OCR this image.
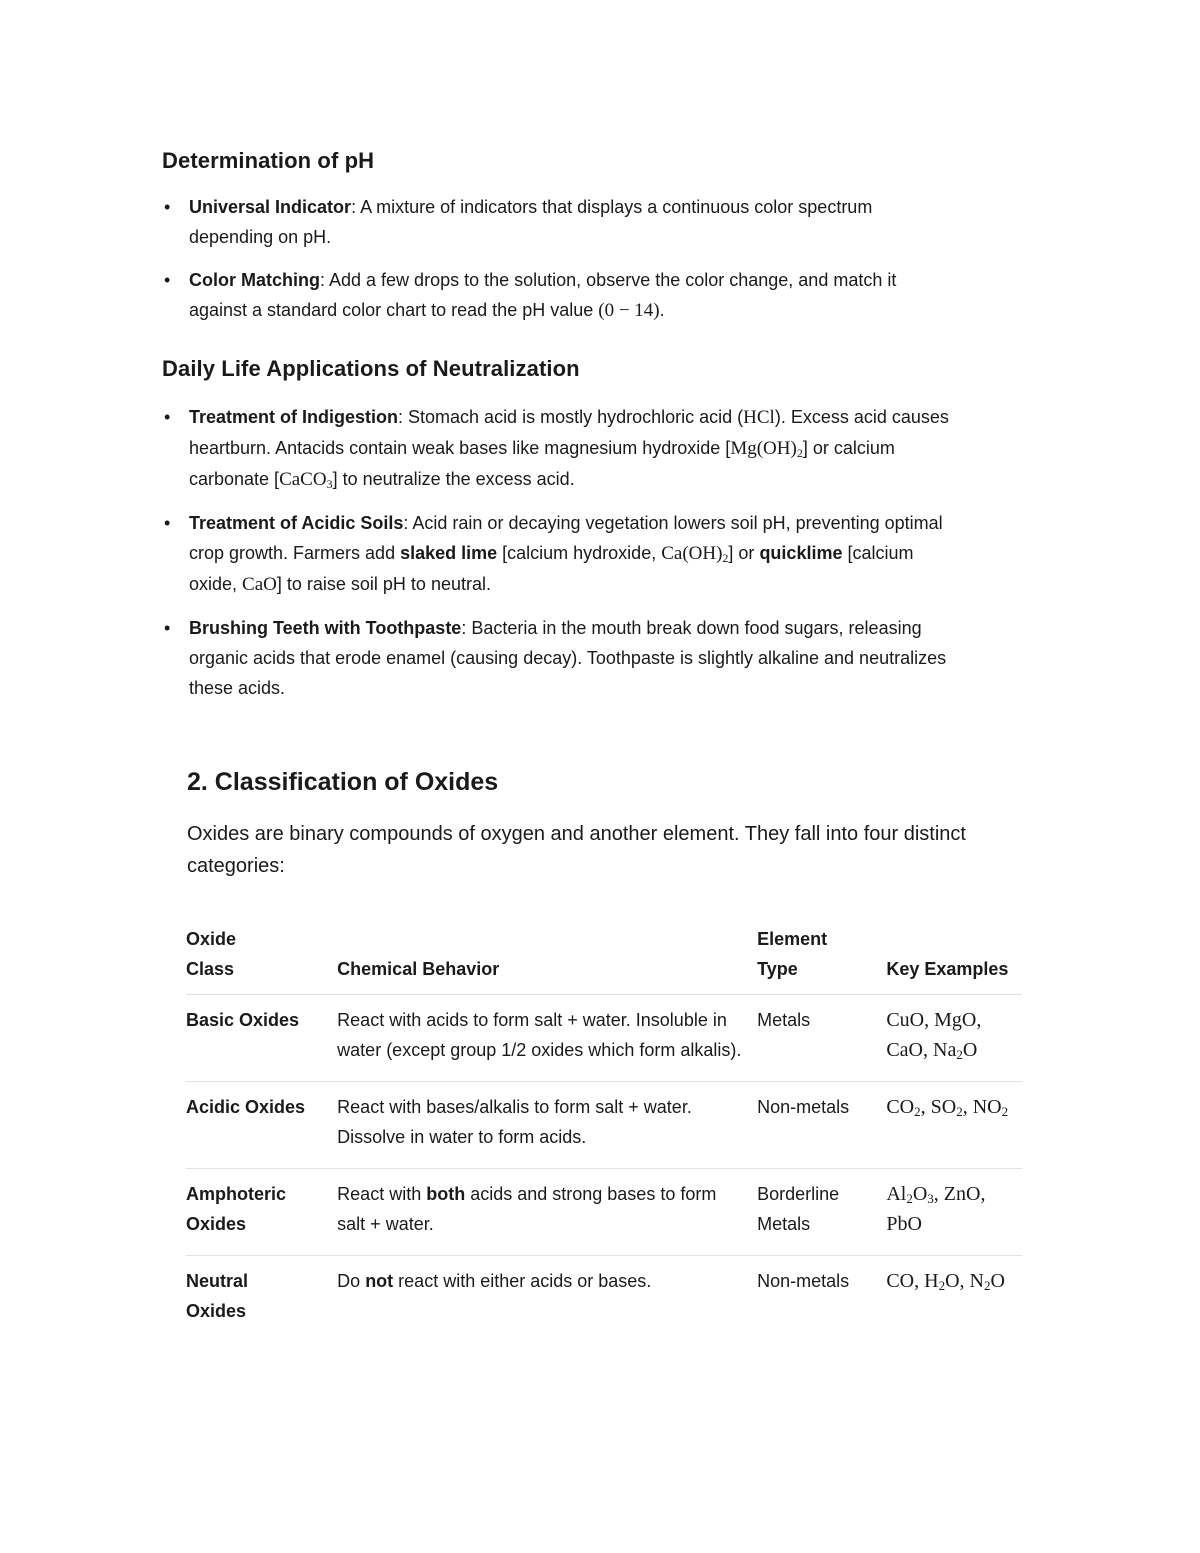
Determination of pH
• Universal Indicator: A mixture of indicators that displays a continuous color spectrum depending on pH.
• Color Matching: Add a few drops to the solution, observe the color change, and match it against a standard color chart to read the pH value (0 − 14).
Daily Life Applications of Neutralization
• Treatment of Indigestion: Stomach acid is mostly hydrochloric acid (HCl). Excess acid causes heartburn. Antacids contain weak bases like magnesium hydroxide $[Mg(OH)_2]$ or calcium carbonate [CaCO$_3$] to neutralize the excess acid.
• Treatment of Acidic Soils: Acid rain or decaying vegetation lowers soil pH, preventing optimal crop growth. Farmers add slaked lime [calcium hydroxide, $Ca(OH)_2$] or quicklime [calcium oxide, CaO] to raise soil pH to neutral.
• Brushing Teeth with Toothpaste: Bacteria in the mouth break down food sugars, releasing organic acids that erode enamel (causing decay). Toothpaste is slightly alkaline and neutralizes these acids.
2. Classification of Oxides

Oxides are binary compounds of oxygen and another element. They fall into four distinct categories:

Oxide Class	Chemical Behavior	Element Type	Key Examples
Basic Oxides	React with acids to form salt + water. Insoluble in water (except group 1/2 oxides which form alkalis).	Metals	CuO, MgO,
CaO, $Na_2O$
Acidic Oxides	React with bases/alkalis to form salt + water. Dissolve in water to form acids.	Non-metals	$CO_2$, $SO_2$, $NO_2$
Amphoteric Oxides	React with both acids and strong bases to form salt + water.	Borderline Metals	$Al_2O_3$, ZnO,
PbO
Neutral Oxides	Do not react with either acids or bases.	Non-metals	CO, $H_2O$, $N_2O$
